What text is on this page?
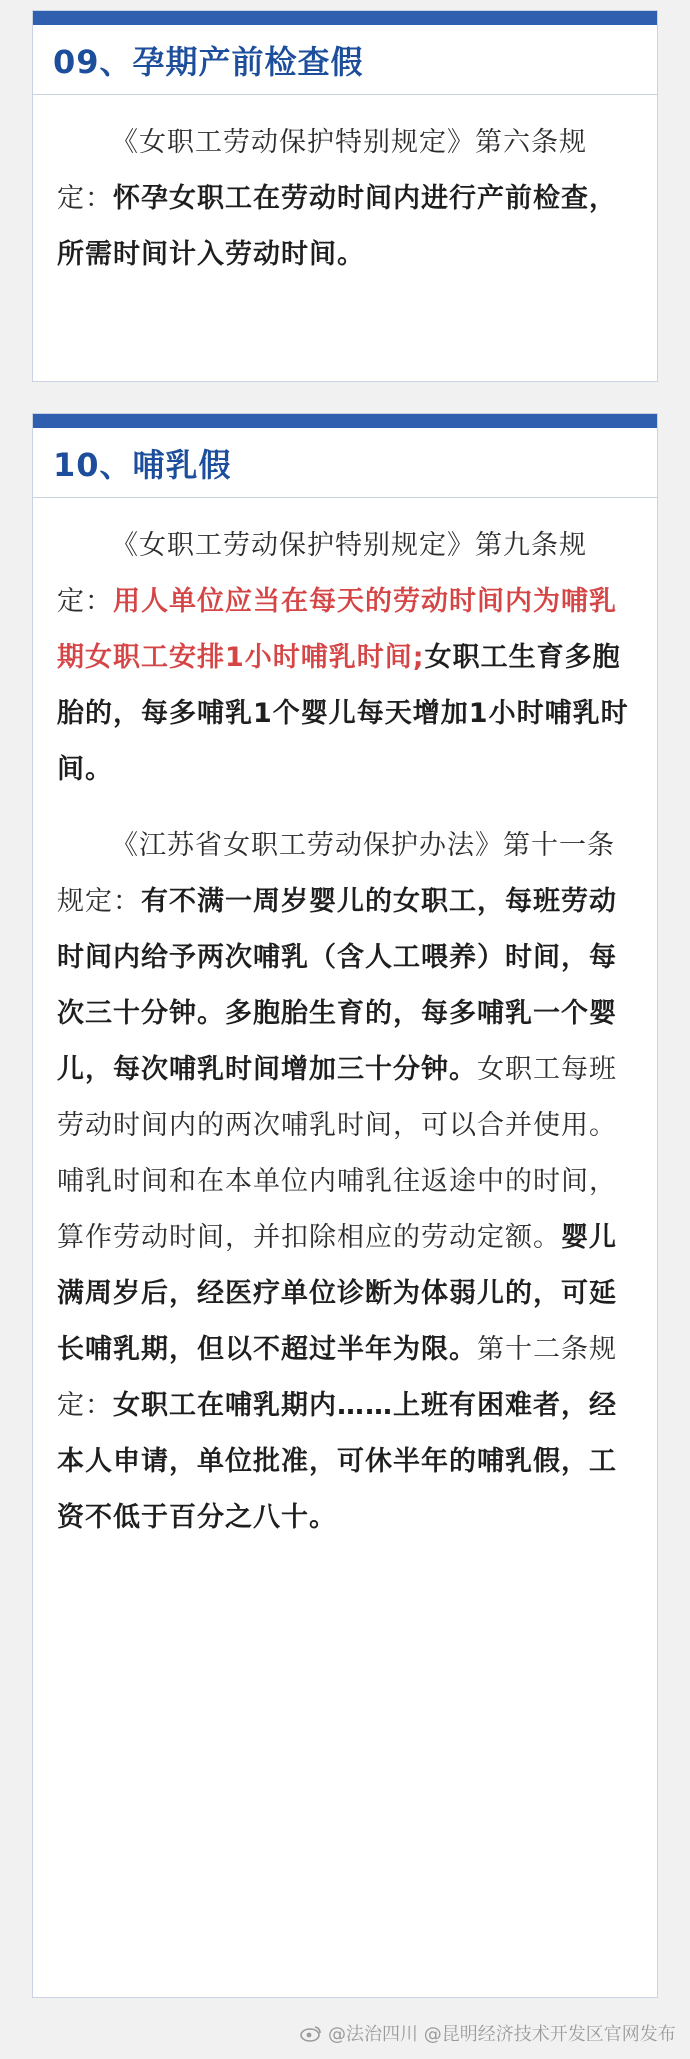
09、孕期产前检查假

《女职工劳动保护特别规定》第六条规定：怀孕女职工在劳动时间内进行产前检查，所需时间计入劳动时间。

10、哺乳假

《女职工劳动保护特别规定》第九条规定：用人单位应当在每天的劳动时间内为哺乳期女职工安排1小时哺乳时间;女职工生育多胞胎的，每多哺乳1个婴儿每天增加1小时哺乳时间。

《江苏省女职工劳动保护办法》第十一条规定：有不满一周岁婴儿的女职工，每班劳动时间内给予两次哺乳（含人工喂养）时间，每次三十分钟。多胞胎生育的，每多哺乳一个婴儿，每次哺乳时间增加三十分钟。女职工每班劳动时间内的两次哺乳时间，可以合并使用。哺乳时间和在本单位内哺乳往返途中的时间，算作劳动时间，并扣除相应的劳动定额。婴儿满周岁后，经医疗单位诊断为体弱儿的，可延长哺乳期，但以不超过半年为限。第十二条规定：女职工在哺乳期内……上班有困难者，经本人申请，单位批准，可休半年的哺乳假，工资不低于百分之八十。

@法治四川 @昆明经济技术开发区官网发布
